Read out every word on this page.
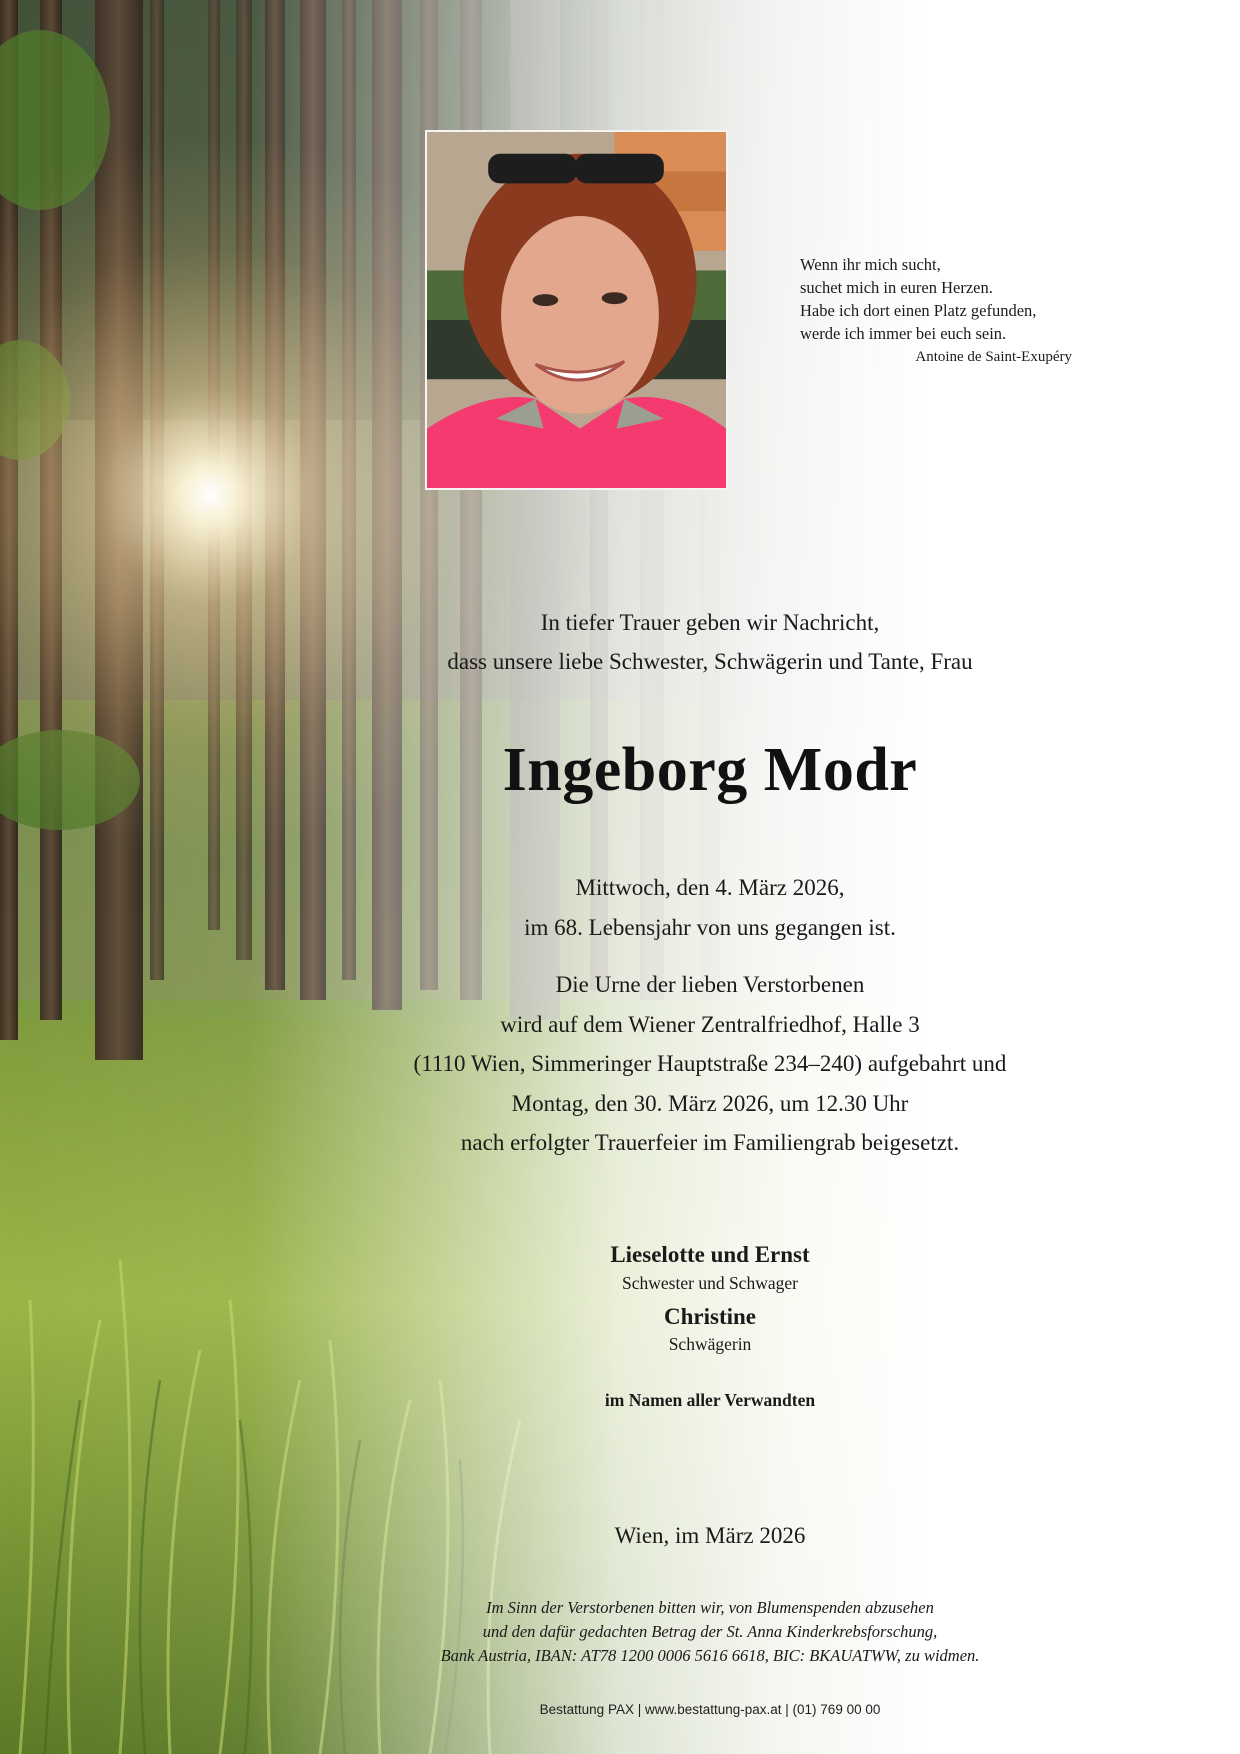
Wenn ihr mich sucht,
suchet mich in euren Herzen.
Habe ich dort einen Platz gefunden,
werde ich immer bei euch sein.
Antoine de Saint-Exupéry
In tiefer Trauer geben wir Nachricht,
dass unsere liebe Schwester, Schwägerin und Tante, Frau
Ingeborg Modr
Mittwoch, den 4. März 2026,
im 68. Lebensjahr von uns gegangen ist.
Die Urne der lieben Verstorbenen
wird auf dem Wiener Zentralfriedhof, Halle 3
(1110 Wien, Simmeringer Hauptstraße 234–240) aufgebahrt und
Montag, den 30. März 2026, um 12.30 Uhr
nach erfolgter Trauerfeier im Familiengrab beigesetzt.
Lieselotte und Ernst
Schwester und Schwager
Christine
Schwägerin
im Namen aller Verwandten
Wien, im März 2026
Im Sinn der Verstorbenen bitten wir, von Blumenspenden abzusehen
und den dafür gedachten Betrag der St. Anna Kinderkrebsforschung,
Bank Austria, IBAN: AT78 1200 0006 5616 6618, BIC: BKAUATWW, zu widmen.
Bestattung PAX | www.bestattung-pax.at | (01) 769 00 00
